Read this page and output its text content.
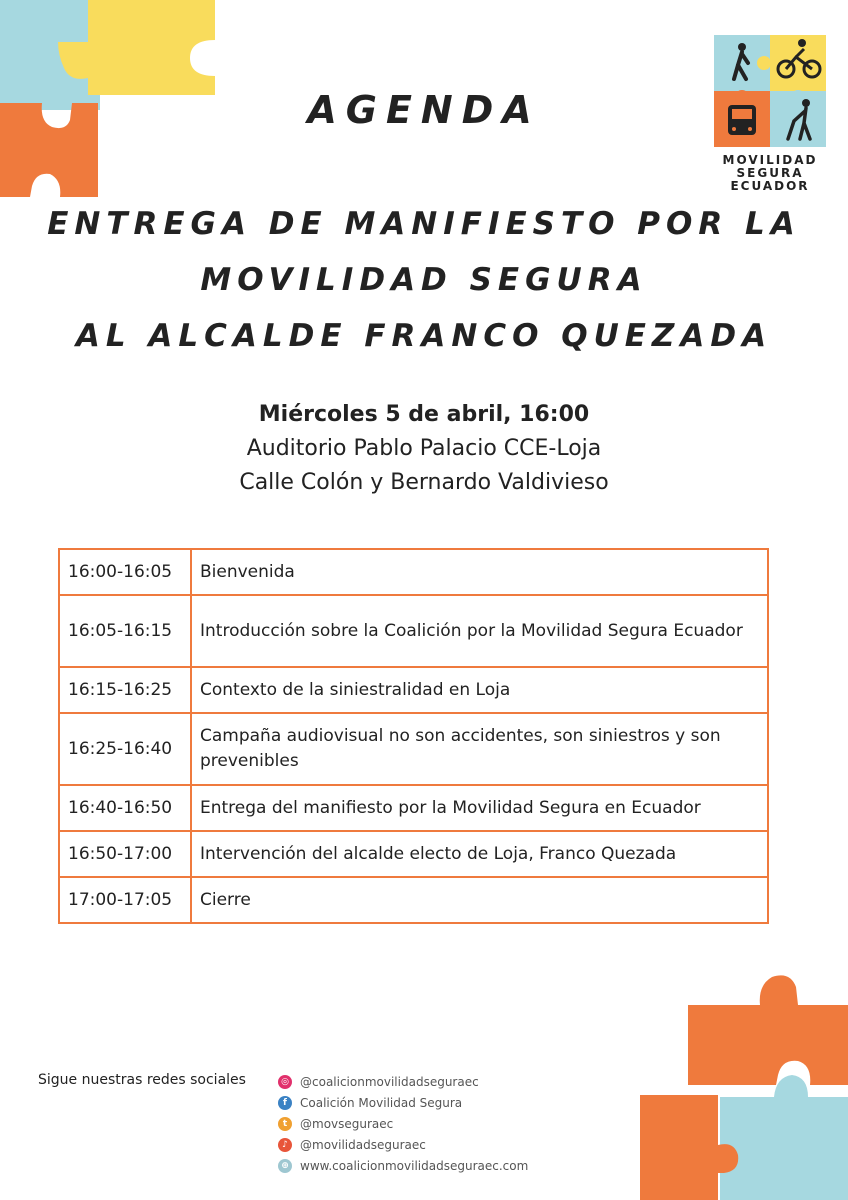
AGENDA
MOVILIDAD
SEGURA
ECUADOR
ENTREGA DE MANIFIESTO POR LA
MOVILIDAD SEGURA
AL ALCALDE FRANCO QUEZADA
Miércoles 5 de abril, 16:00
Auditorio Pablo Palacio CCE-Loja
Calle Colón y Bernardo Valdivieso
16:00-16:05	Bienvenida
16:05-16:15	Introducción sobre la Coalición por la Movilidad Segura Ecuador
16:15-16:25	Contexto de la siniestralidad en Loja
16:25-16:40	Campaña audiovisual no son accidentes, son siniestros y son prevenibles
16:40-16:50	Entrega del manifiesto por la Movilidad Segura en Ecuador
16:50-17:00	Intervención del alcalde electo de Loja, Franco Quezada
17:00-17:05	Cierre
Sigue nuestras redes sociales	◎ @coalicionmovilidadseguraec
f	Coalición Movilidad Segura
t	@movseguraec
♪	@movilidadseguraec
⊕ www.coalicionmovilidadseguraec.com
